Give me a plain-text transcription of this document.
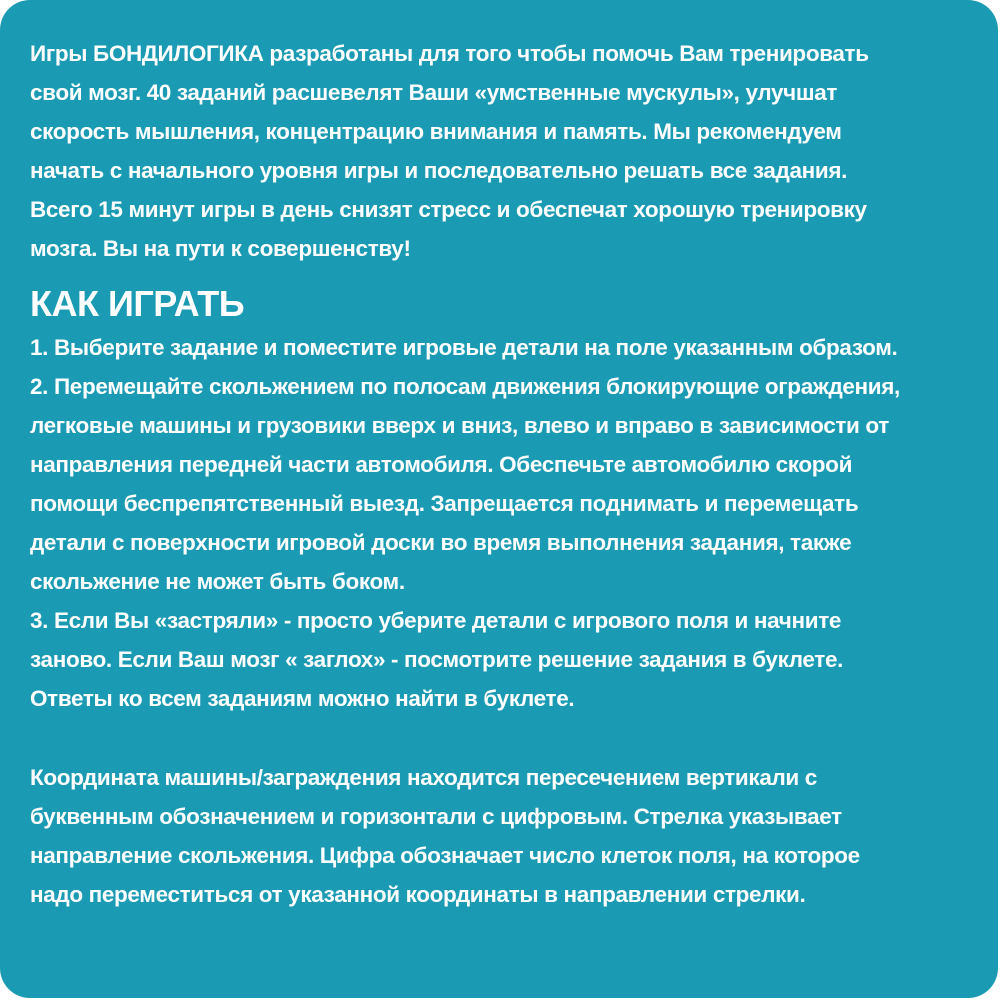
Игры БОНДИЛОГИКА разработаны для того чтобы помочь Вам тренировать
свой мозг. 40 заданий расшевелят Ваши «умственные мускулы», улучшат
скорость мышления, концентрацию внимания и память. Мы рекомендуем
начать с начального уровня игры и последовательно решать все задания.
Всего 15 минут игры в день снизят стресс и обеспечат хорошую тренировку
мозга. Вы на пути к совершенству!
КАК ИГРАТЬ
1. Выберите задание и поместите игровые детали на поле указанным образом.
2. Перемещайте скольжением по полосам движения блокирующие ограждения,
легковые машины и грузовики вверх и вниз, влево и вправо в зависимости от
направления передней части автомобиля. Обеспечьте автомобилю скорой
помощи беспрепятственный выезд. Запрещается поднимать и перемещать
детали с поверхности игровой доски во время выполнения задания, также
скольжение не может быть боком.
3. Если Вы «застряли» - просто уберите детали с игрового поля и начните
заново. Если Ваш мозг « заглох» - посмотрите решение задания в буклете.
Ответы ко всем заданиям можно найти в буклете.
Координата машины/заграждения находится пересечением вертикали с
буквенным обозначением и горизонтали с цифровым. Стрелка указывает
направление скольжения. Цифра обозначает число клеток поля, на которое
надо переместиться от указанной координаты в направлении стрелки.
